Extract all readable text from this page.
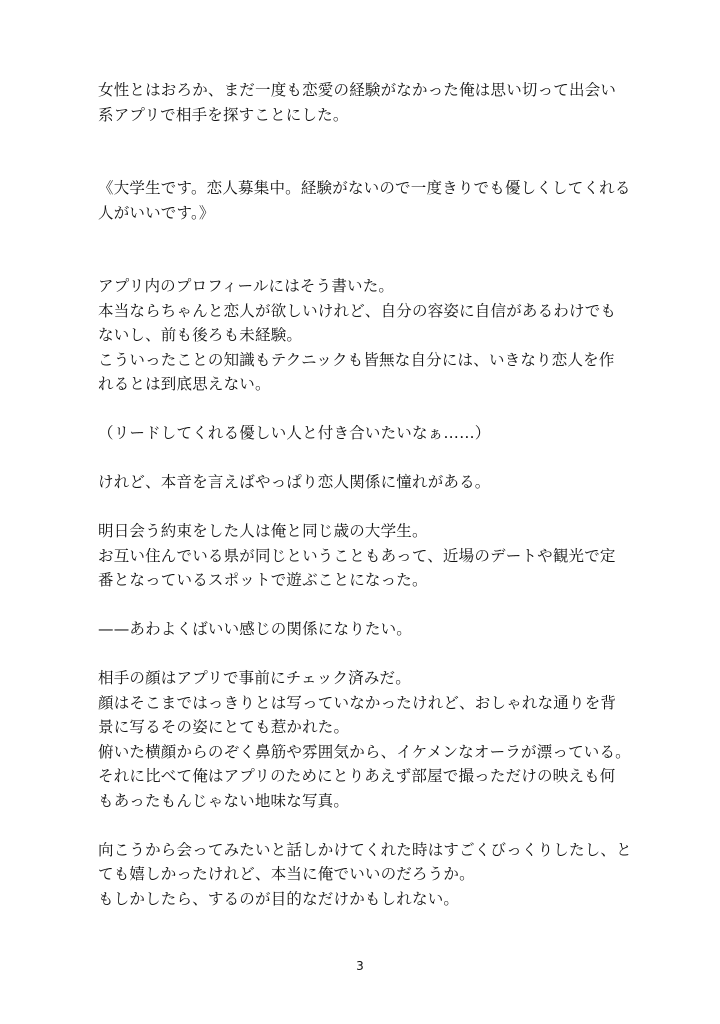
女性とはおろか、まだ一度も恋愛の経験がなかった俺は思い切って出会い
系アプリで相手を探すことにした。
《大学生です。恋人募集中。経験がないので一度きりでも優しくしてくれる
人がいいです。》
アプリ内のプロフィールにはそう書いた。
本当ならちゃんと恋人が欲しいけれど、自分の容姿に自信があるわけでも
ないし、前も後ろも未経験。
こういったことの知識もテクニックも皆無な自分には、いきなり恋人を作
れるとは到底思えない。
（リードしてくれる優しい人と付き合いたいなぁ……）
けれど、本音を言えばやっぱり恋人関係に憧れがある。
明日会う約束をした人は俺と同じ歳の大学生。
お互い住んでいる県が同じということもあって、近場のデートや観光で定
番となっているスポットで遊ぶことになった。
——あわよくばいい感じの関係になりたい。
相手の顔はアプリで事前にチェック済みだ。
顔はそこまではっきりとは写っていなかったけれど、おしゃれな通りを背
景に写るその姿にとても惹かれた。
俯いた横顔からのぞく鼻筋や雰囲気から、イケメンなオーラが漂っている。
それに比べて俺はアプリのためにとりあえず部屋で撮っただけの映えも何
もあったもんじゃない地味な写真。
向こうから会ってみたいと話しかけてくれた時はすごくびっくりしたし、と
ても嬉しかったけれど、本当に俺でいいのだろうか。
もしかしたら、するのが目的なだけかもしれない。
3
